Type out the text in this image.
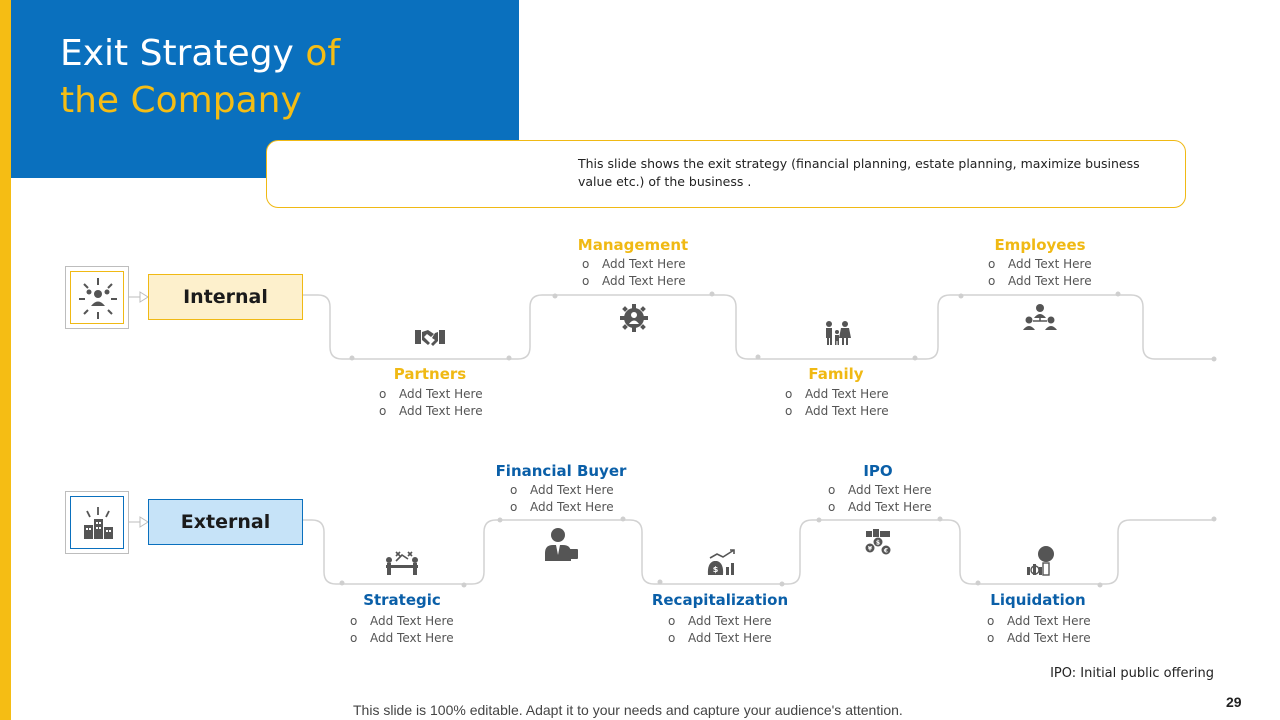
Exit Strategy of
the Company
This slide shows the exit strategy (financial planning, estate planning, maximize business value etc.) of the business .
Internal
External
Partners
o Add Text Here
o Add Text Here
Management
o Add Text Here
o Add Text Here
Family
o Add Text Here
o Add Text Here
Employees
o Add Text Here
o Add Text Here
Strategic
o Add Text Here
o Add Text Here
Financial Buyer
o Add Text Here
o Add Text Here
$
Recapitalization
o Add Text Here
o Add Text Here
IPO
o Add Text Here
o Add Text Here
¥
$
€
Liquidation
o Add Text Here
o Add Text Here
IPO: Initial public offering
This slide is 100% editable. Adapt it to your needs and capture your audience's attention.	29
